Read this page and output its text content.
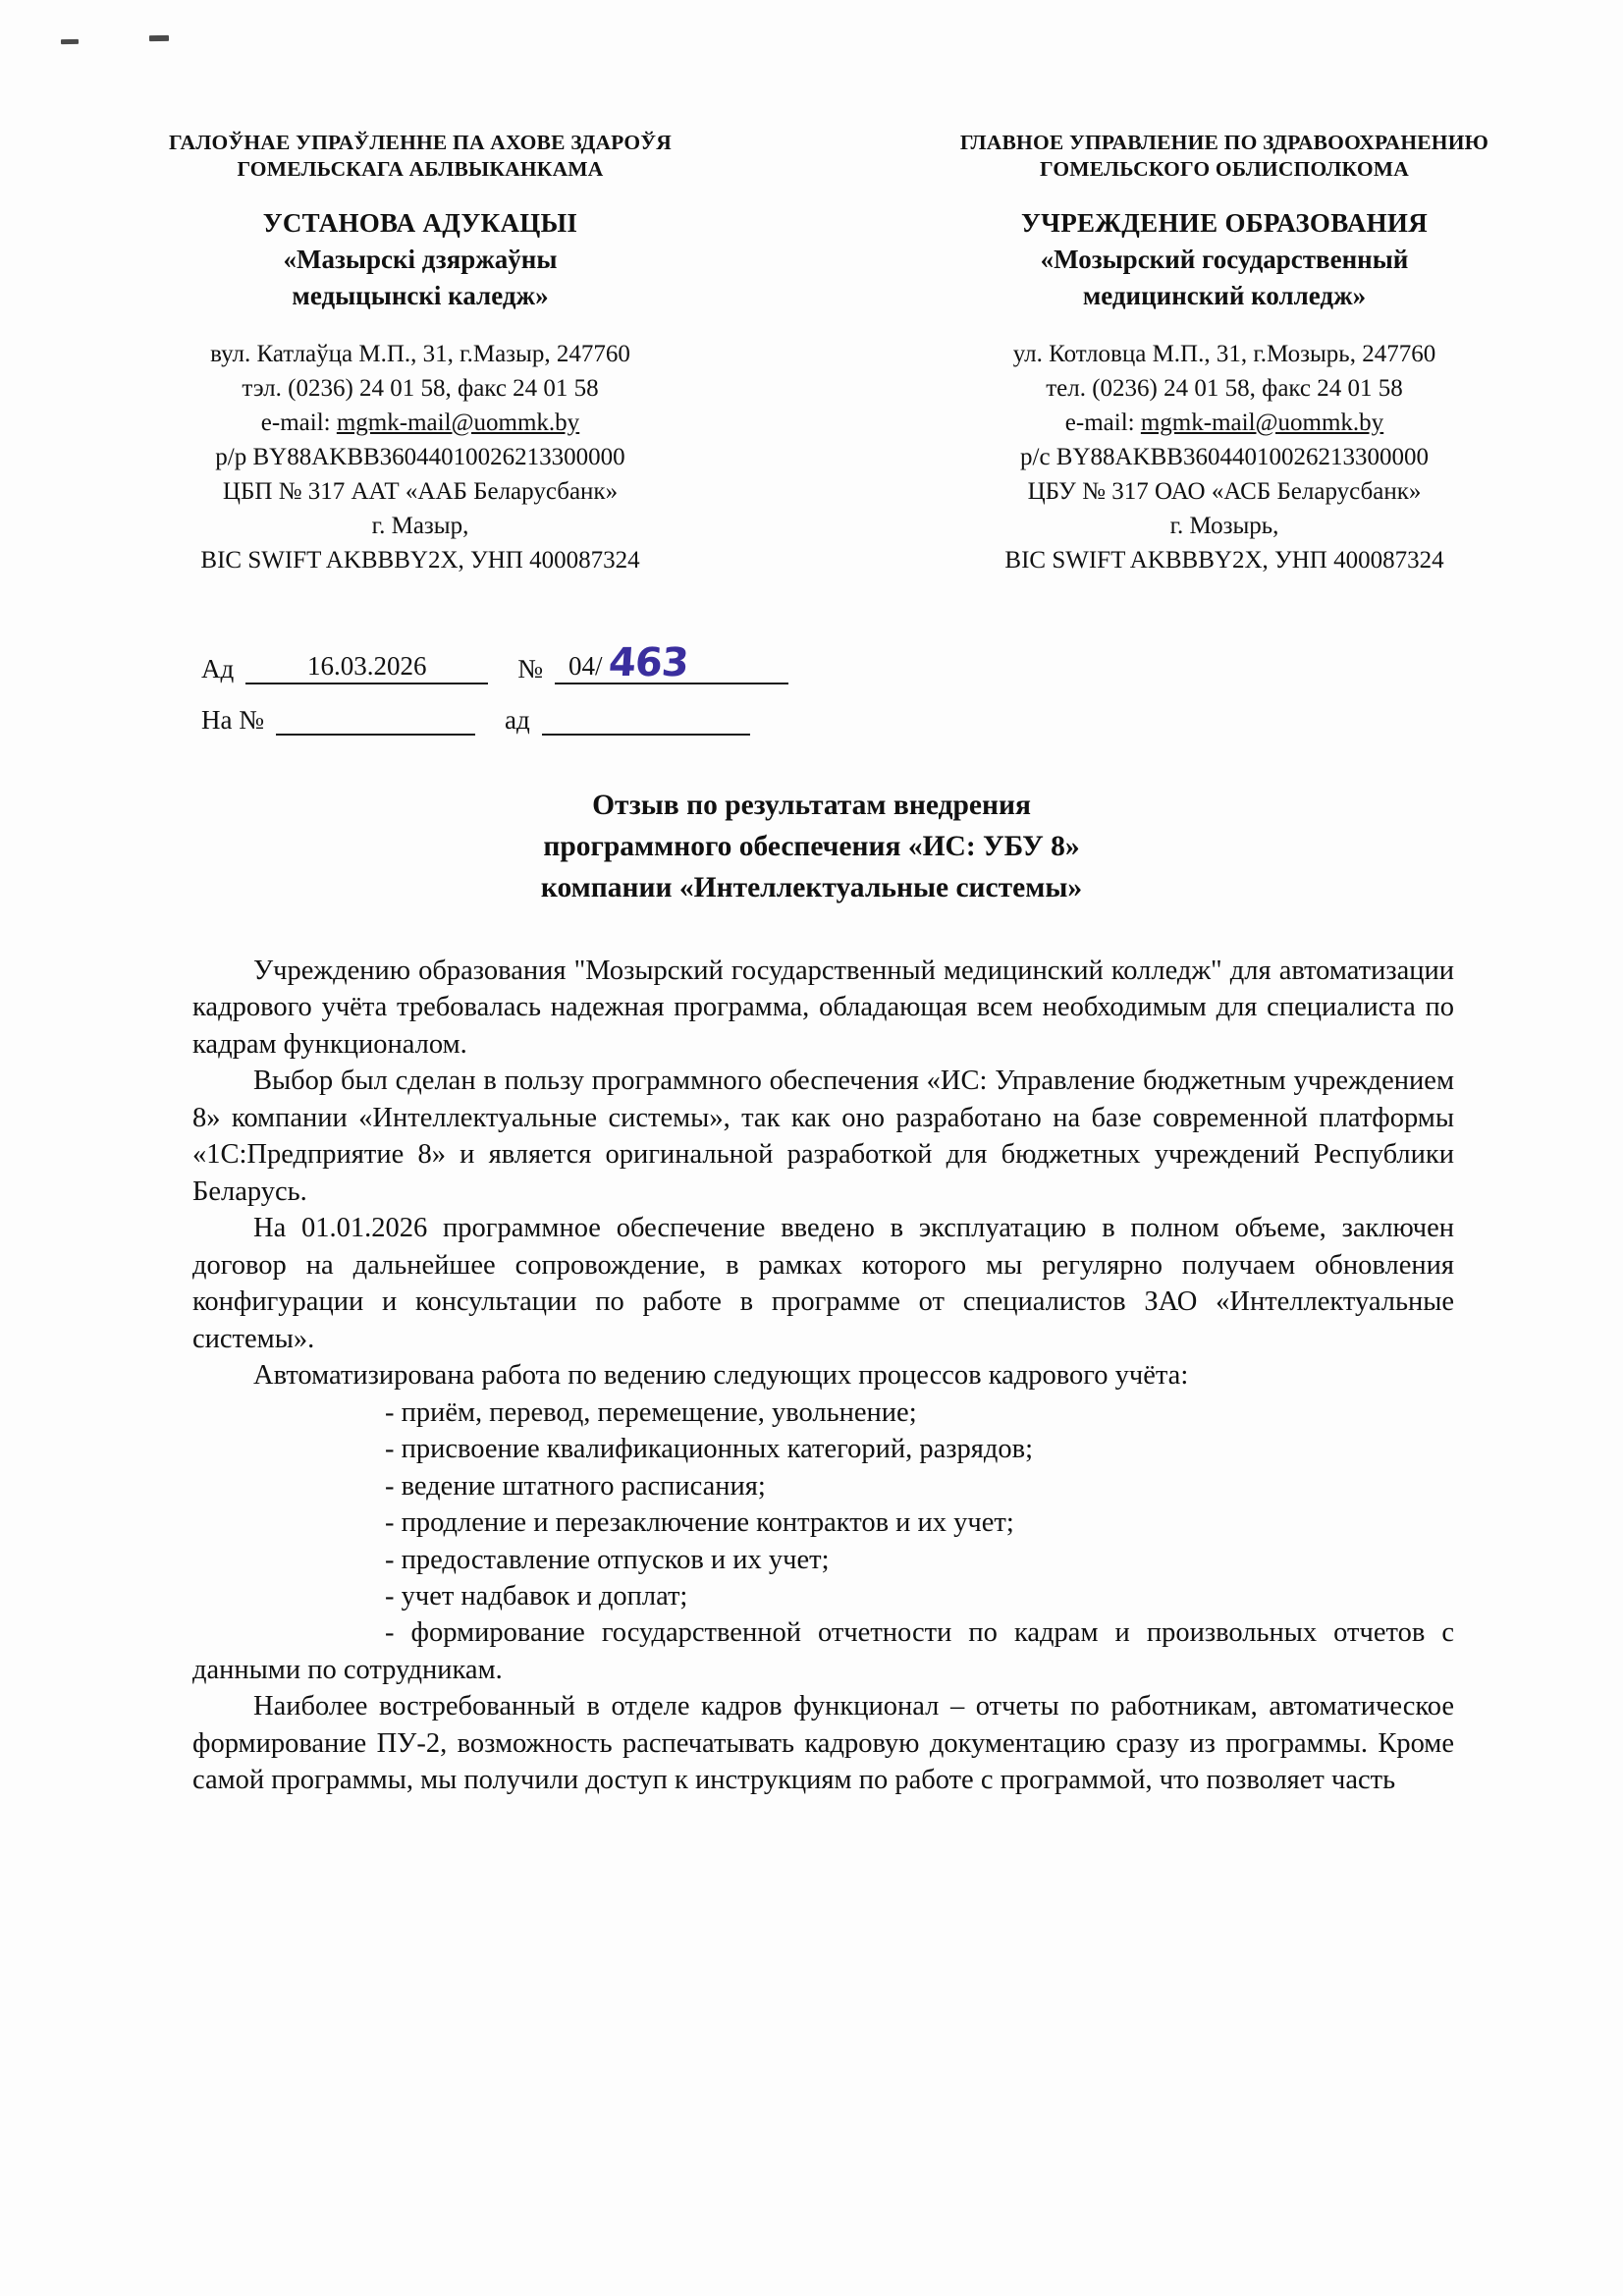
ГАЛОЎНАЕ УПРАЎЛЕННЕ ПА АХОВЕ ЗДАРОЎЯ
ГОМЕЛЬСКАГА АБЛВЫКАНКАМА
УСТАНОВА АДУКАЦЫІ
«Мазырскі дзяржаўны
медыцынскі каледж»
вул. Катлаўца М.П., 31, г.Мазыр, 247760
тэл. (0236) 24 01 58, факс 24 01 58
e-mail: mgmk-mail@uommk.by
р/р BY88AKBB36044010026213300000
ЦБП № 317 ААТ «ААБ Беларусбанк»
г. Мазыр,
BIC SWIFT AKBBBY2X, УНП 400087324
ГЛАВНОЕ УПРАВЛЕНИЕ ПО ЗДРАВООХРАНЕНИЮ
ГОМЕЛЬСКОГО ОБЛИСПОЛКОМА
УЧРЕЖДЕНИЕ ОБРАЗОВАНИЯ
«Мозырский государственный
медицинский колледж»
ул. Котловца М.П., 31, г.Мозырь, 247760
тел. (0236) 24 01 58, факс 24 01 58
e-mail: mgmk-mail@uommk.by
р/с BY88AKBB36044010026213300000
ЦБУ № 317 ОАО «АСБ Беларусбанк»
г. Мозырь,
BIC SWIFT AKBBBY2X, УНП 400087324
Ад	16.03.2026	№ 04/ 463
На №	ад
Отзыв по результатам внедрения
программного обеспечения «ИС: УБУ 8»
компании «Интеллектуальные системы»

Учреждению образования "Мозырский государственный медицинский колледж" для автоматизации кадрового учёта требовалась надежная программа, обладающая всем необходимым для специалиста по кадрам функционалом.

Выбор был сделан в пользу программного обеспечения «ИС: Управление бюджетным учреждением 8» компании «Интеллектуальные системы», так как оно разработано на базе современной платформы «1С:Предприятие 8» и является оригинальной разработкой для бюджетных учреждений Республики Беларусь.

На 01.01.2026 программное обеспечение введено в эксплуатацию в полном объеме, заключен договор на дальнейшее сопровождение, в рамках которого мы регулярно получаем обновления конфигурации и консультации по работе в программе от специалистов ЗАО «Интеллектуальные системы».

Автоматизирована работа по ведению следующих процессов кадрового учёта:

- приём, перевод, перемещение, увольнение;
- присвоение квалификационных категорий, разрядов;
- ведение штатного расписания;
- продление и перезаключение контрактов и их учет;
- предоставление отпусков и их учет;
- учет надбавок и доплат;
- формирование государственной отчетности по кадрам и произвольных отчетов с данными по сотрудникам.

Наиболее востребованный в отделе кадров функционал – отчеты по работникам, автоматическое формирование ПУ-2, возможность распечатывать кадровую документацию сразу из программы. Кроме самой программы, мы получили доступ к инструкциям по работе с программой, что позволяет часть
